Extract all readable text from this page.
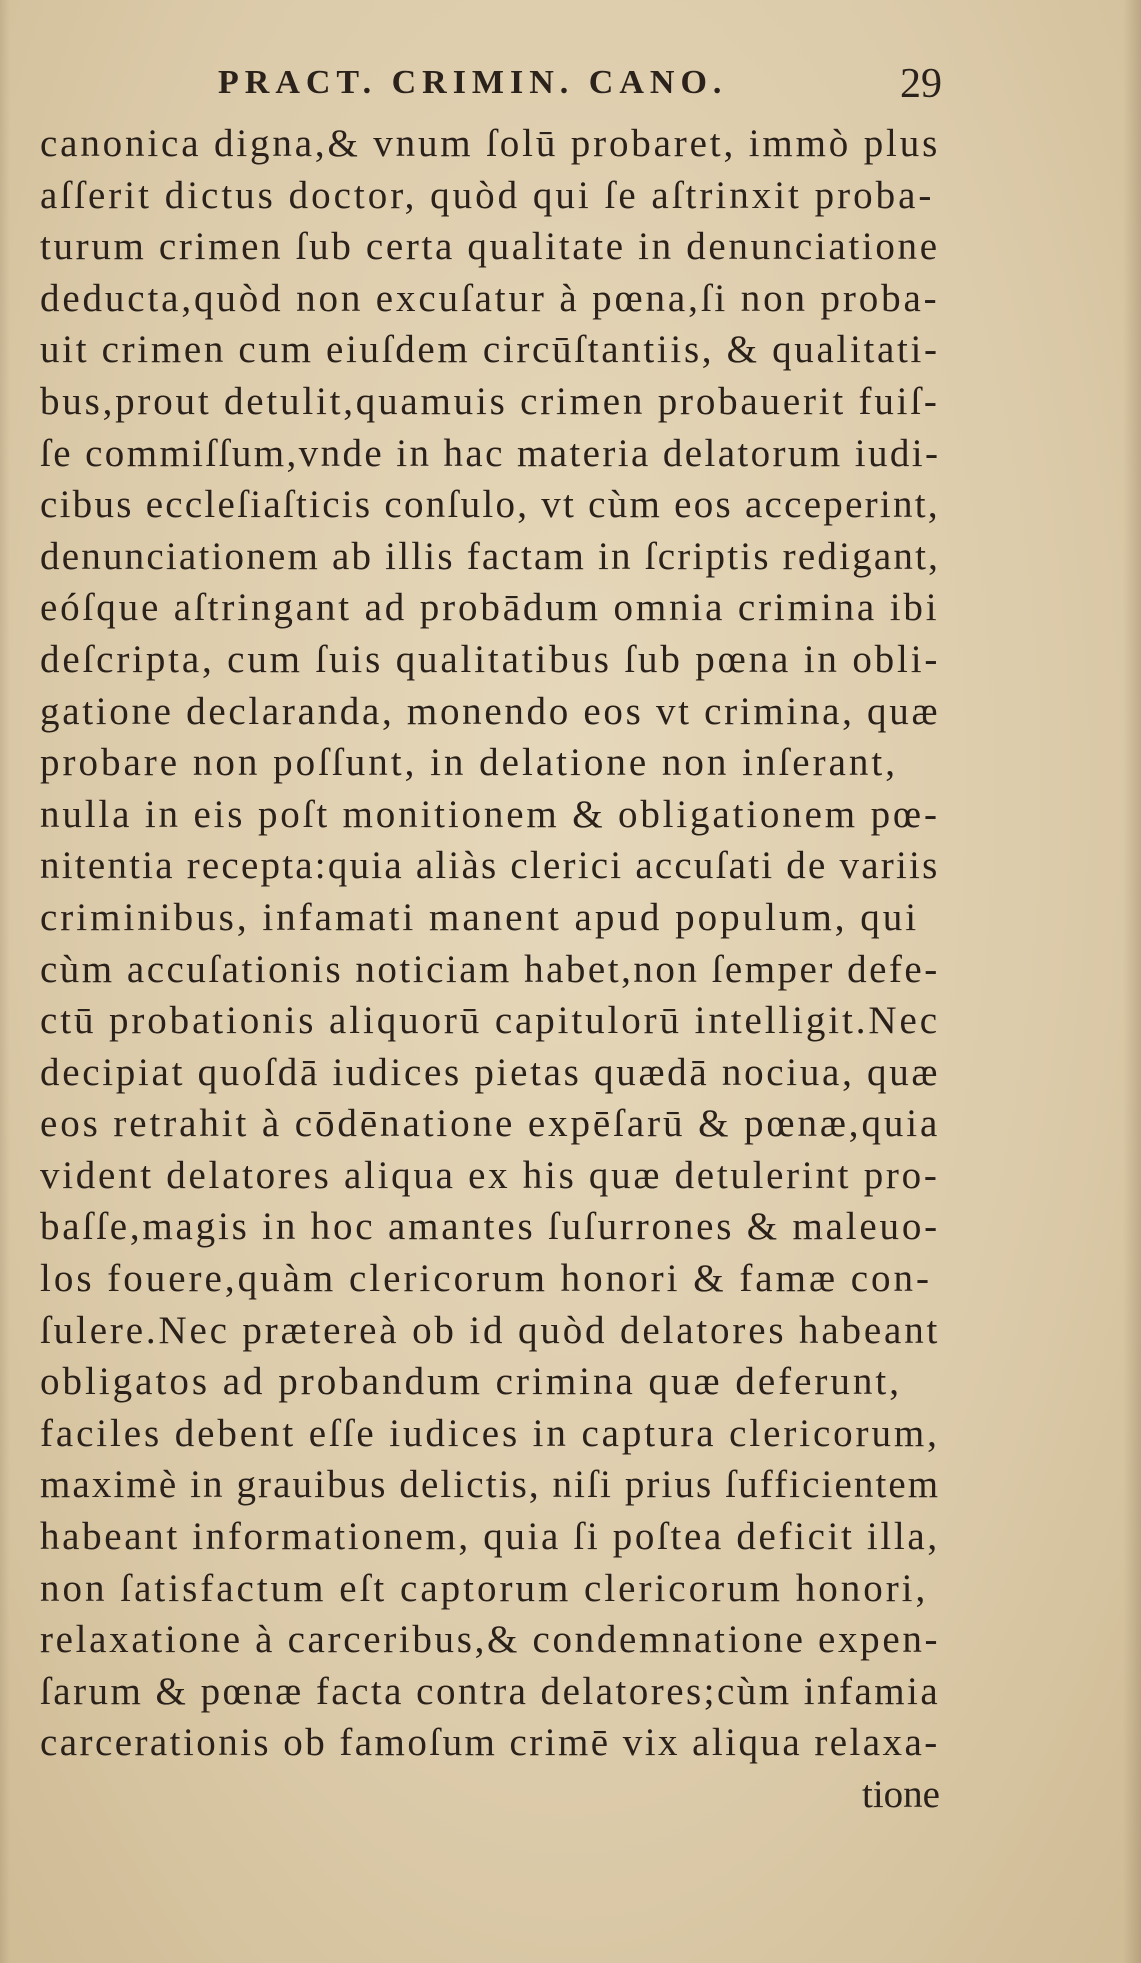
PRACT. CRIMIN. CANO.	29
canonica digna,& vnum ſolū probaret, immò plus
aſſerit dictus doctor, quòd qui ſe aſtrinxit proba-
turum crimen ſub certa qualitate in denunciatione
deducta,quòd non excuſatur à pœna,ſi non proba-
uit crimen cum eiuſdem circūſtantiis, & qualitati-
bus,prout detulit,quamuis crimen probauerit fuiſ-
ſe commiſſum,vnde in hac materia delatorum iudi-
cibus eccleſiaſticis conſulo, vt cùm eos acceperint,
denunciationem ab illis factam in ſcriptis redigant,
eóſque aſtringant ad probādum omnia crimina ibi
deſcripta, cum ſuis qualitatibus ſub pœna in obli-
gatione declaranda, monendo eos vt crimina, quæ
probare non poſſunt, in delatione non inſerant,
nulla in eis poſt monitionem & obligationem pœ-
nitentia recepta:quia aliàs clerici accuſati de variis
criminibus, infamati manent apud populum, qui
cùm accuſationis noticiam habet,non ſemper defe-
ctū probationis aliquorū capitulorū intelligit.Nec
decipiat quoſdā iudices pietas quædā nociua, quæ
eos retrahit à cōdēnatione expēſarū & pœnæ,quia
vident delatores aliqua ex his quæ detulerint pro-
baſſe,magis in hoc amantes ſuſurrones & maleuo-
los fouere,quàm clericorum honori & famæ con-
ſulere.Nec prætereà ob id quòd delatores habeant
obligatos ad probandum crimina quæ deferunt,
faciles debent eſſe iudices in captura clericorum,
maximè in grauibus delictis, niſi prius ſufficientem
habeant informationem, quia ſi poſtea deficit illa,
non ſatisfactum eſt captorum clericorum honori,
relaxatione à carceribus,& condemnatione expen-
ſarum & pœnæ facta contra delatores;cùm infamia
carcerationis ob famoſum crimē vix aliqua relaxa-
tione
